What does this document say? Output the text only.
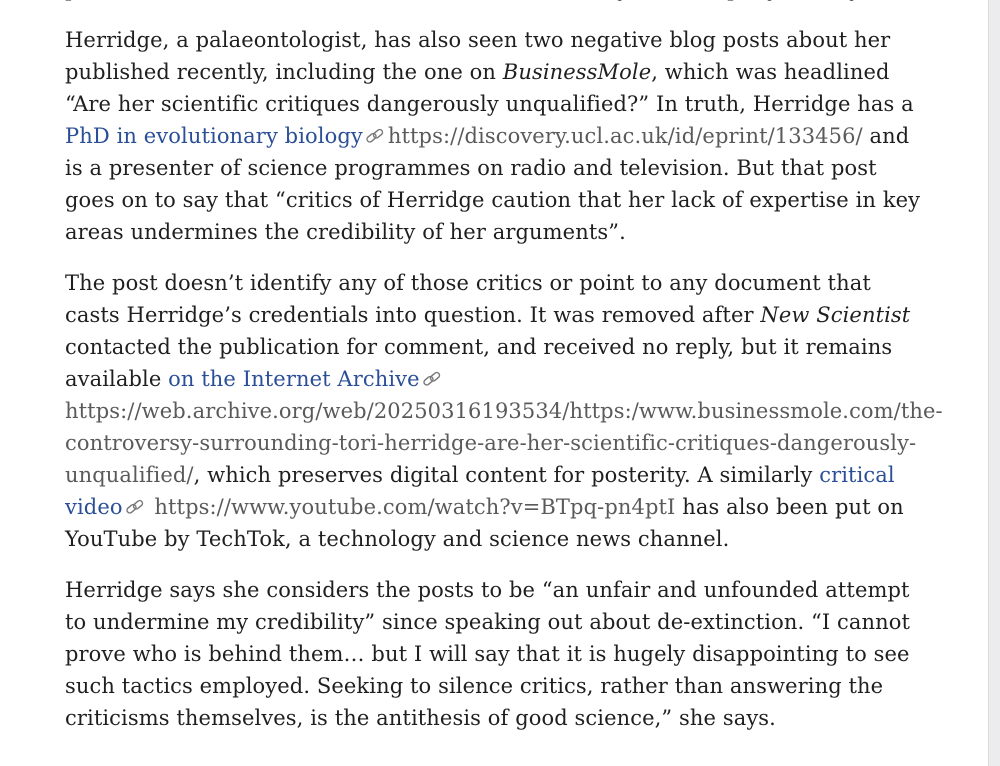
Herridge, a palaeontologist, has also seen two negative blog posts about her published recently, including the one on BusinessMole, which was headlined “Are her scientific critiques dangerously unqualified?” In truth, Herridge has a PhD in evolutionary biology https://discovery.ucl.ac.uk/id/eprint/133456/ and is a presenter of science programmes on radio and television. But that post goes on to say that “critics of Herridge caution that her lack of expertise in key areas undermines the credibility of her arguments”.

The post doesn’t identify any of those critics or point to any document that casts Herridge’s credentials into question. It was removed after New Scientist contacted the publication for comment, and received no reply, but it remains available on the Internet Archive https://web.archive.org/web/20250316193534/https:/www.businessmole.com/the-controversy-surrounding-tori-herridge-are-her-scientific-critiques-dangerously-unqualified/, which preserves digital content for posterity. A similarly critical video https://www.youtube.com/watch?v=BTpq-pn4ptI has also been put on YouTube by TechTok, a technology and science news channel.

Herridge says she considers the posts to be “an unfair and unfounded attempt to undermine my credibility” since speaking out about de-extinction. “I cannot prove who is behind them… but I will say that it is hugely disappointing to see such tactics employed. Seeking to silence critics, rather than answering the criticisms themselves, is the antithesis of good science,” she says.
